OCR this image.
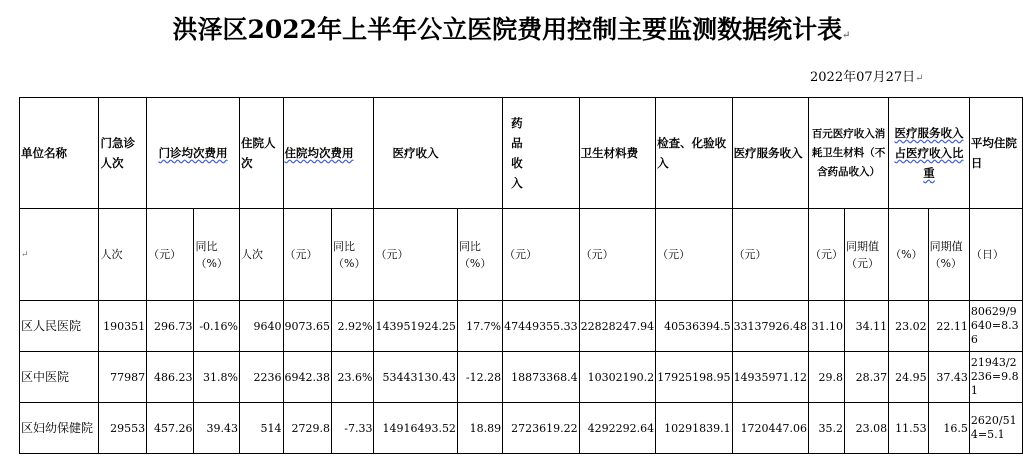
洪泽区2022年上半年公立医院费用控制主要监测数据统计表↵
2022年07月27日↵
单位名称	门急诊人次	门诊均次费用		住院人次	住院均次费用		医疗收入		药品收入	卫生材料费	检查、化验收入	医疗服务收入	百元医疗收入消耗卫生材料（不含药品收入）		医疗服务收入占医疗收入比重		平均住院日
↵	人次	（元）	同比（%）	人次	（元）	同比（%）	（元）	同比（%）	（元）	（元）	（元）	（元）	（元）	同期值（元）	（%）	同期值（%）	（日）
区人民医院	190351	296.73	-0.16%	9640	9073.65	2.92%	143951924.25	17.7%	47449355.33	22828247.94	40536394.5	33137926.48	31.10	34.11	23.02	22.11	80629/9640=8.36
区中医院	77987	486.23	31.8%	2236	6942.38	23.6%	53443130.43	-12.28	18873368.4	10302190.2	17925198.95	14935971.12	29.8	28.37	24.95	37.43	21943/2236=9.81
区妇幼保健院	29553	457.26	39.43	514	2729.8	-7.33	14916493.52	18.89	2723619.22	4292292.64	10291839.1	1720447.06	35.2	23.08	11.53	16.5	2620/514=5.1
